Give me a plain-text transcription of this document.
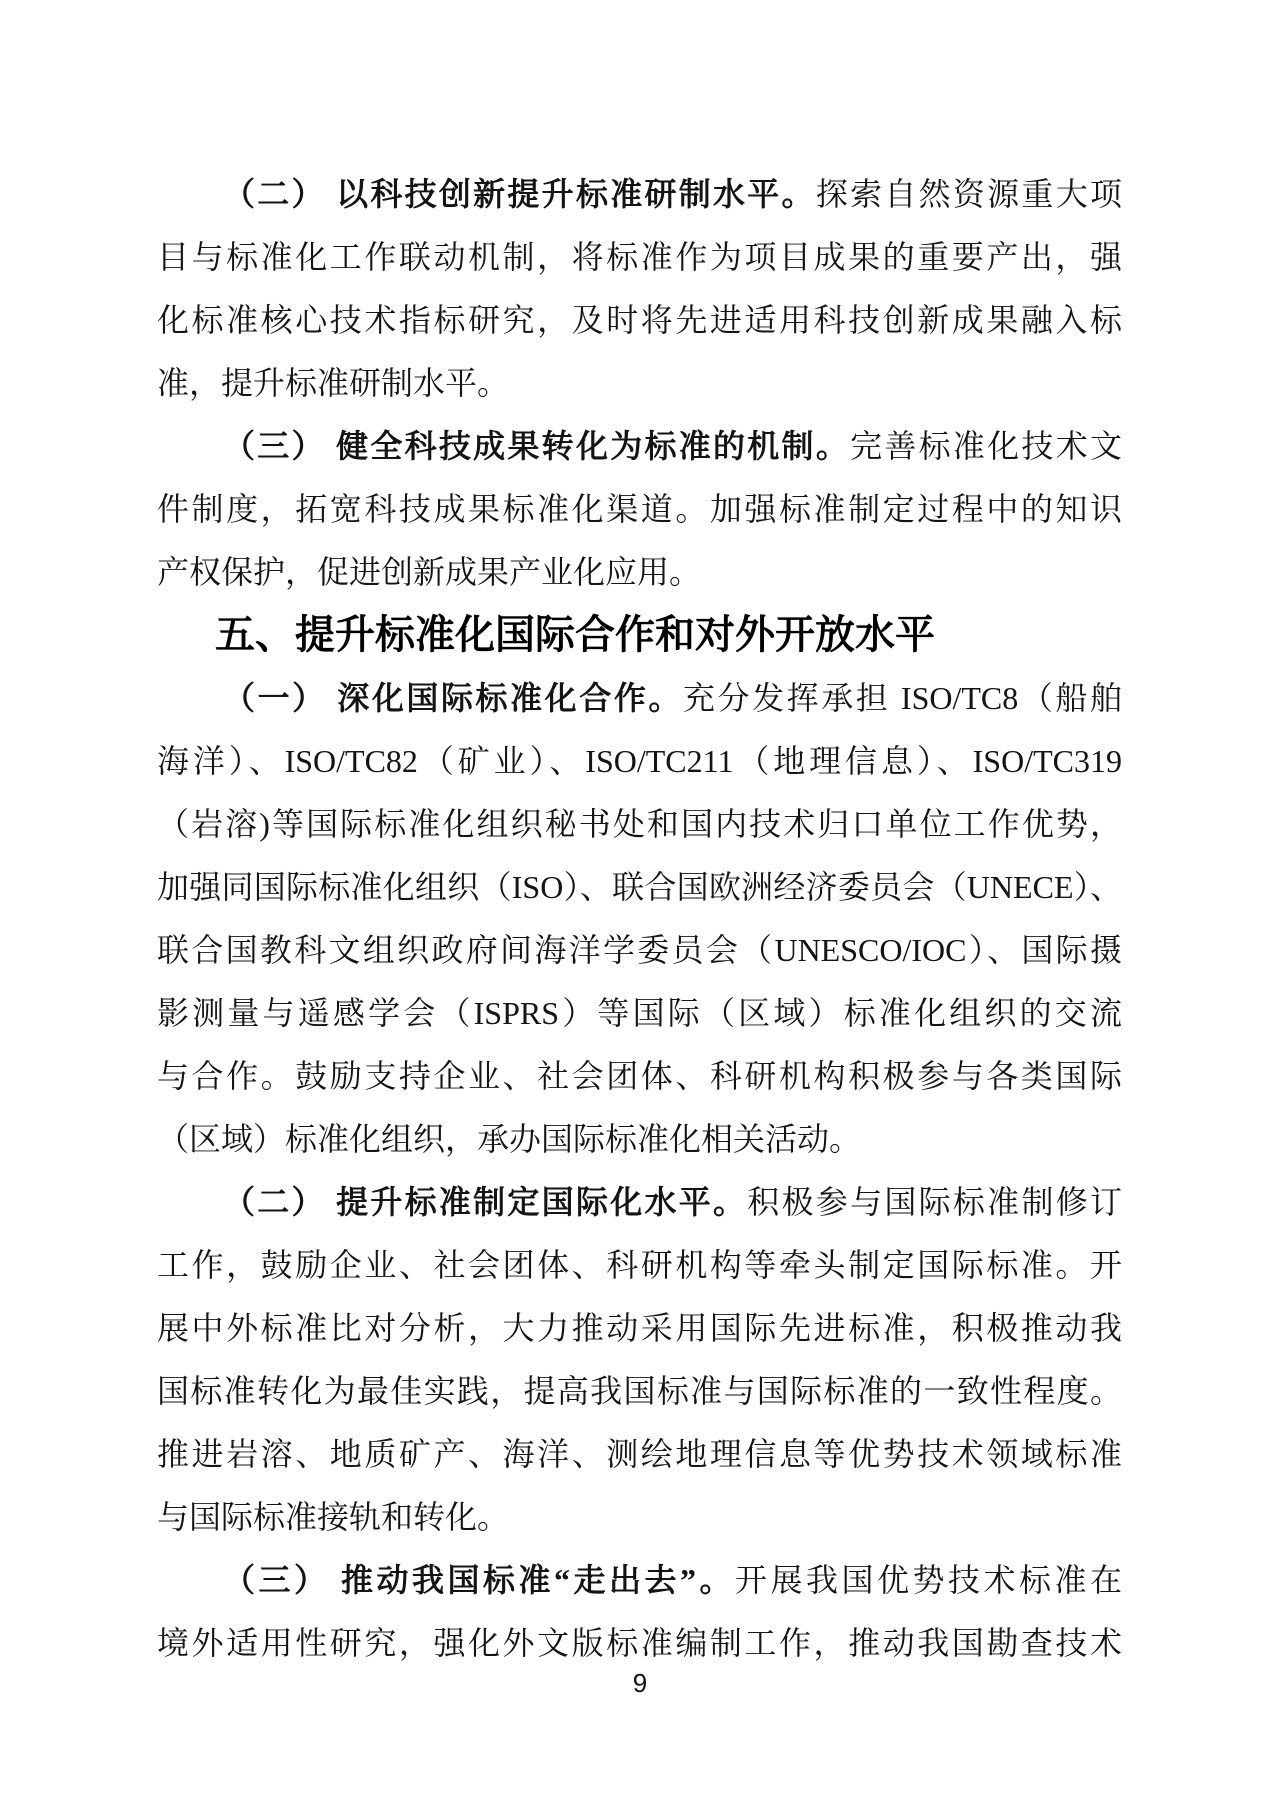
（二） 以科技创新提升标准研制水平。探索自然资源重大项
目与标准化工作联动机制，将标准作为项目成果的重要产出，强
化标准核心技术指标研究，及时将先进适用科技创新成果融入标
准，提升标准研制水平。
（三） 健全科技成果转化为标准的机制。完善标准化技术文
件制度，拓宽科技成果标准化渠道。加强标准制定过程中的知识
产权保护，促进创新成果产业化应用。
五、提升标准化国际合作和对外开放水平
（一） 深化国际标准化合作。充分发挥承担 ISO/TC8（船舶
海洋）、ISO/TC82（矿业）、ISO/TC211（地理信息）、ISO/TC319
（岩溶)等国际标准化组织秘书处和国内技术归口单位工作优势，
加强同国际标准化组织（ISO）、联合国欧洲经济委员会（UNECE）、
联合国教科文组织政府间海洋学委员会（UNESCO/IOC）、国际摄
影测量与遥感学会（ISPRS）等国际（区域）标准化组织的交流
与合作。鼓励支持企业、社会团体、科研机构积极参与各类国际
（区域）标准化组织，承办国际标准化相关活动。
（二） 提升标准制定国际化水平。积极参与国际标准制修订
工作，鼓励企业、社会团体、科研机构等牵头制定国际标准。开
展中外标准比对分析，大力推动采用国际先进标准，积极推动我
国标准转化为最佳实践，提高我国标准与国际标准的一致性程度。
推进岩溶、地质矿产、海洋、测绘地理信息等优势技术领域标准
与国际标准接轨和转化。
（三） 推动我国标准“走出去”。开展我国优势技术标准在
境外适用性研究，强化外文版标准编制工作，推动我国勘查技术
9
